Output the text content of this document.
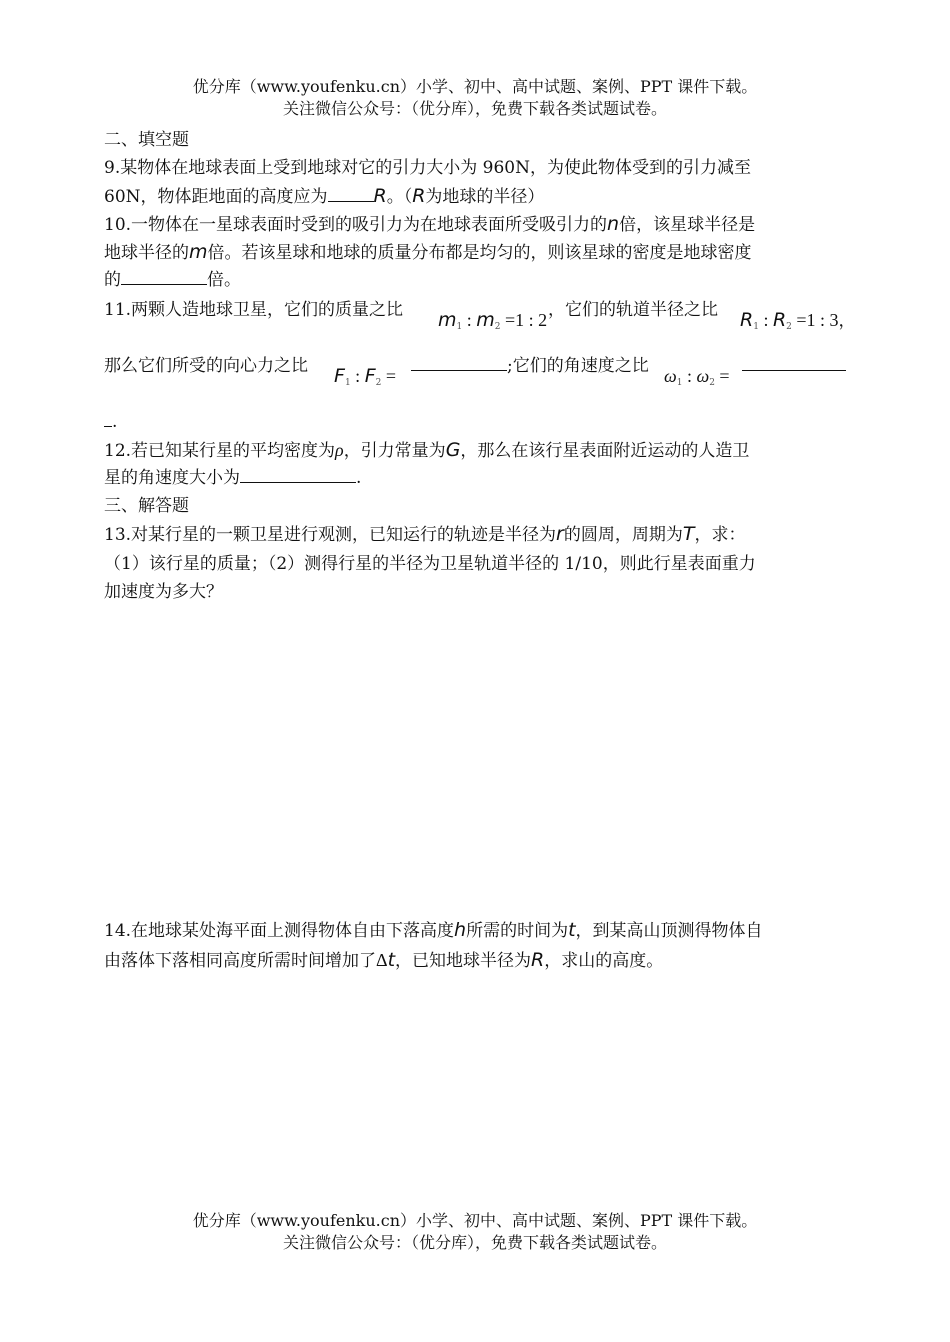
优分库（www.youfenku.cn）小学、初中、高中试题、案例、PPT 课件下载。
关注微信公众号：（优分库），免费下载各类试题试卷。
二、填空题
9.某物体在地球表面上受到地球对它的引力大小为 960N，为使此物体受到的引力减至
60N，物体距地面的高度应为 R。（R为地球的半径）
10.一物体在一星球表面时受到的吸引力为在地球表面所受吸引力的n倍，该星球半径是
地球半径的m倍。若该星球和地球的质量分布都是均匀的，则该星球的密度是地球密度
的	倍。
11.两颗人造地球卫星，它们的质量之比 $m_1$ : $m_2 =1$ : 2 ，它们的轨道半径之比 $R_1$ : $R_2 =1$ : 3，
那么它们所受的向心力之比 $F_1$ : $F_2$ =	;它们的角速度之比 $\omega_1$ : $\omega_2$ =
.
12.若已知某行星的平均密度为ρ，引力常量为G，那么在该行星表面附近运动的人造卫
星的角速度大小为	.
三、解答题
13.对某行星的一颗卫星进行观测，已知运行的轨迹是半径为r的圆周，周期为T，求：
（1）该行星的质量；（2）测得行星的半径为卫星轨道半径的 1/10，则此行星表面重力
加速度为多大？
14.在地球某处海平面上测得物体自由下落高度h所需的时间为t，到某高山顶测得物体自
由落体下落相同高度所需时间增加了Δt，已知地球半径为R，求山的高度。
优分库（www.youfenku.cn）小学、初中、高中试题、案例、PPT 课件下载。
关注微信公众号：（优分库），免费下载各类试题试卷。
